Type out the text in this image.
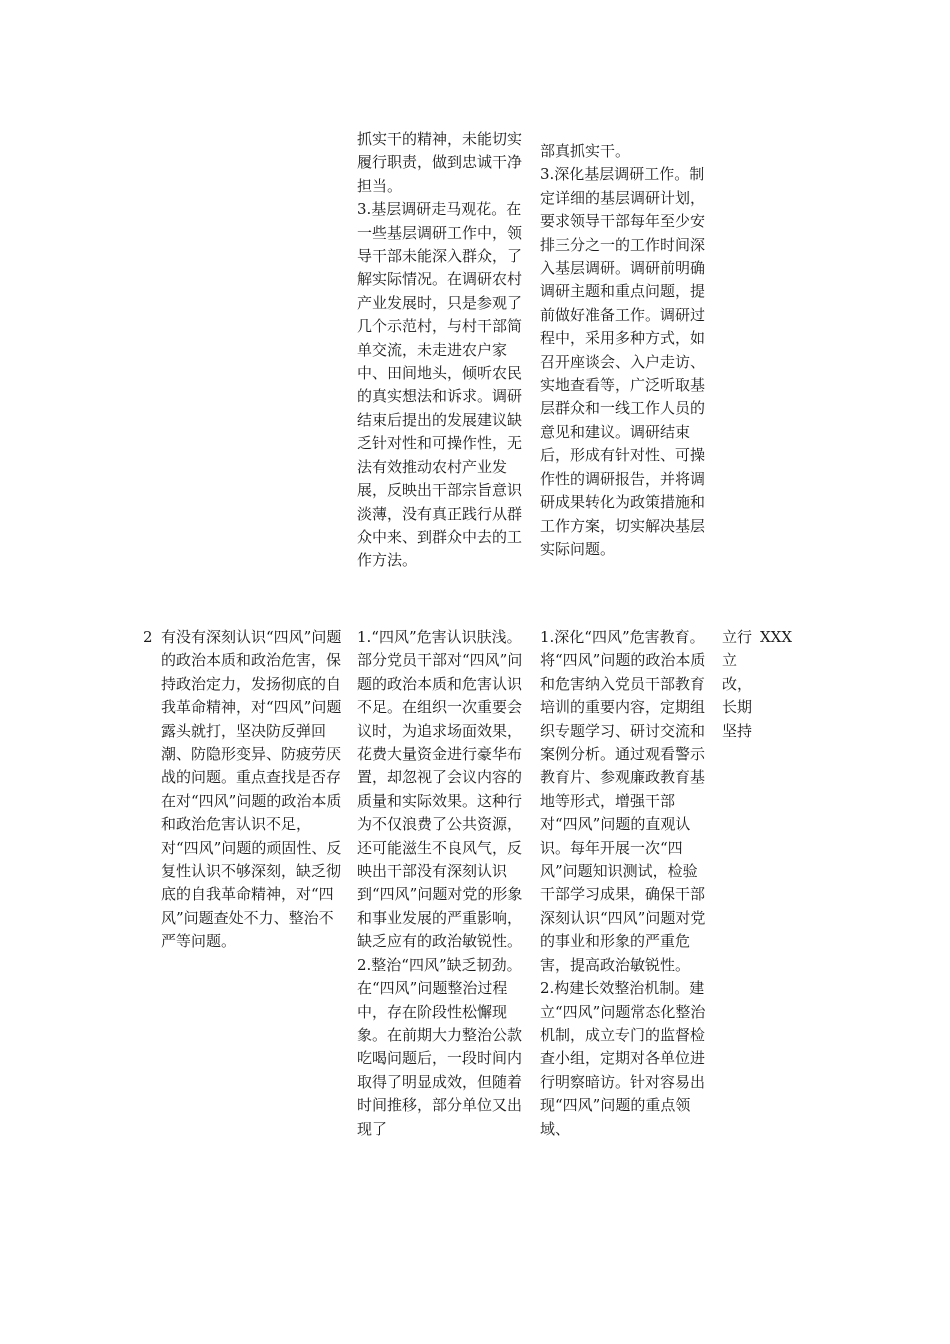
抓实干的精神，未能切实履行职责，做到忠诚干净担当。
3.基层调研走马观花。在一些基层调研工作中，领导干部未能深入群众，了解实际情况。在调研农村产业发展时，只是参观了几个示范村，与村干部简单交流，未走进农户家中、田间地头，倾听农民的真实想法和诉求。调研结束后提出的发展建议缺乏针对性和可操作性，无法有效推动农村产业发展，反映出干部宗旨意识淡薄，没有真正践行从群众中来、到群众中去的工作方法。
部真抓实干。
3.深化基层调研工作。制定详细的基层调研计划，要求领导干部每年至少安排三分之一的工作时间深入基层调研。调研前明确调研主题和重点问题，提前做好准备工作。调研过程中，采用多种方式，如召开座谈会、入户走访、实地查看等，广泛听取基层群众和一线工作人员的意见和建议。调研结束后，形成有针对性、可操作性的调研报告，并将调研成果转化为政策措施和工作方案，切实解决基层实际问题。
2 有没有深刻认识“四风”问题的政治本质和政治危害，保持政治定力，发扬彻底的自我革命精神，对“四风”问题露头就打，坚决防反弹回潮、防隐形变异、防疲劳厌战的问题。重点查找是否存在对“四风”问题的政治本质和政治危害认识不足，对“四风”问题的顽固性、反复性认识不够深刻，缺乏彻底的自我革命精神，对“四风”问题查处不力、整治不严等问题。
1.“四风”危害认识肤浅。部分党员干部对“四风”问题的政治本质和危害认识不足。在组织一次重要会议时，为追求场面效果，花费大量资金进行豪华布置，却忽视了会议内容的质量和实际效果。这种行为不仅浪费了公共资源，还可能滋生不良风气，反映出干部没有深刻认识到“四风”问题对党的形象和事业发展的严重影响，缺乏应有的政治敏锐性。
2.整治“四风”缺乏韧劲。在“四风”问题整治过程中，存在阶段性松懈现象。在前期大力整治公款吃喝问题后，一段时间内取得了明显成效，但随着时间推移，部分单位又出现了
1.深化“四风”危害教育。将“四风”问题的政治本质和危害纳入党员干部教育培训的重要内容，定期组织专题学习、研讨交流和案例分析。通过观看警示教育片、参观廉政教育基地等形式，增强干部对“四风”问题的直观认识。每年开展一次“四风”问题知识测试，检验干部学习成果，确保干部深刻认识“四风”问题对党的事业和形象的严重危害，提高政治敏锐性。
2.构建长效整治机制。建立“四风”问题常态化整治机制，成立专门的监督检查小组，定期对各单位进行明察暗访。针对容易出现“四风”问题的重点领域、
立行立改，长期坚持
XXX
